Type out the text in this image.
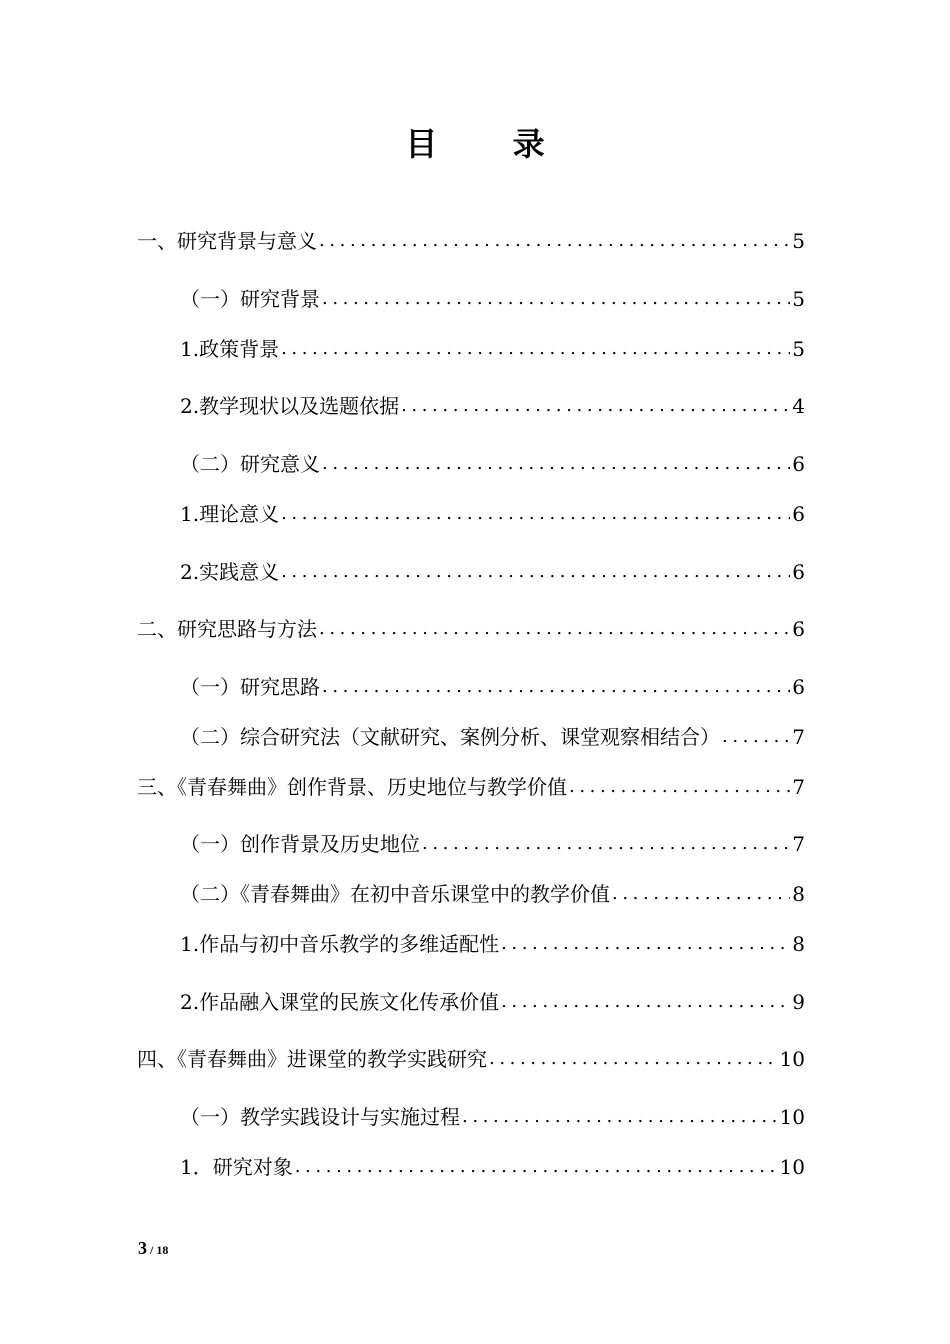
目 录
一、研究背景与意义 .....	5
（一）研究背景 .....	5
1.政策背景 .....	5
2.教学现状以及选题依据 .....	4
（二）研究意义 .....	6
1.理论意义 .....	6
2.实践意义 .....	6
二、研究思路与方法 .....	6
（一）研究思路 .....	6
（二）综合研究法（文献研究、案例分析、课堂观察相结合） .....	7
三、《青春舞曲》创作背景、历史地位与教学价值 .....	7
（一）创作背景及历史地位 .....	7
（二）《青春舞曲》在初中音乐课堂中的教学价值 .....	8
1.作品与初中音乐教学的多维适配性 .....	8
2.作品融入课堂的民族文化传承价值 .....	9
四、《青春舞曲》进课堂的教学实践研究 .....	10
（一）教学实践设计与实施过程 .....	10
1．研究对象 .....	10
3 / 18
